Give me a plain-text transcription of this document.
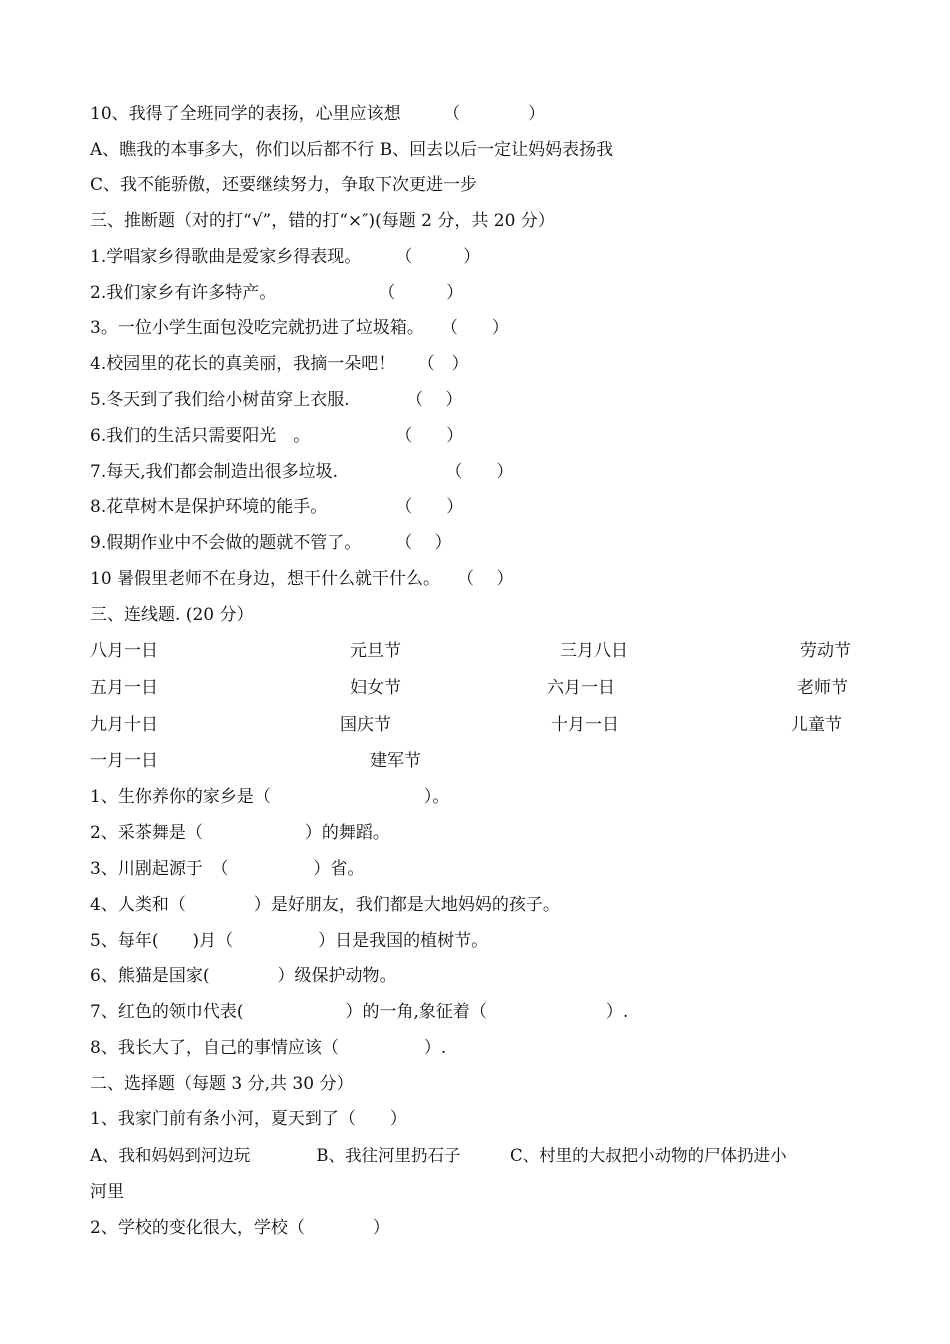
10、我得了全班同学的表扬，心里应该想　　　（　　　　）
A、瞧我的本事多大，你们以后都不行 B、回去以后一定让妈妈表扬我
C、我不能骄傲，还要继续努力，争取下次更进一步
三、推断题（对的打“√”，错的打“×″)(每题 2 分，共 20 分）
1.学唱家乡得歌曲是爱家乡得表现。　　　（　　　）
2.我们家乡有许多特产。　　　　　　　（　　　）
3。一位小学生面包没吃完就扔进了垃圾箱。　　（　　）
4.校园里的花长的真美丽，我摘一朵吧！　 （　）
5.冬天到了我们给小树苗穿上衣服.　　　 （　 ）
6.我们的生活只需要阳光　。　　　　　　（　　）
7.每天,我们都会制造出很多垃圾.　　　　　　 （　　）
8.花草树木是保护环境的能手。　　　　　（　　）
9.假期作业中不会做的题就不管了。　　　（　 ）
10 暑假里老师不在身边，想干什么就干什么。　　（　 ）
三、连线题. (20 分）
八月一日	元旦节	三月八日	劳动节
五月一日	妇女节	六月一日	老师节
九月十日	国庆节	十月一日	儿童节
一月一日	建军节
1、生你养你的家乡是（　　　　　　　　　）。
2、采茶舞是（　　　　　　）的舞蹈。
3、川剧起源于　（　　　　　）省。
4、人类和（　　　　）是好朋友，我们都是大地妈妈的孩子。
5、每年(　　)月（　　　　　）日是我国的植树节。
6、熊猫是国家(　　　　）级保护动物。
7、红色的领巾代表(　　　　　　）的一角,象征着（　　　　　　　）.
8、我长大了，自己的事情应该（　　　　　）.
二、选择题（每题 3 分,共 30 分）
1、我家门前有条小河，夏天到了（　　）
A、我和妈妈到河边玩　　　　B、我往河里扔石子　　　C、村里的大叔把小动物的尸体扔进小
河里
2、学校的变化很大，学校（　　　　）
